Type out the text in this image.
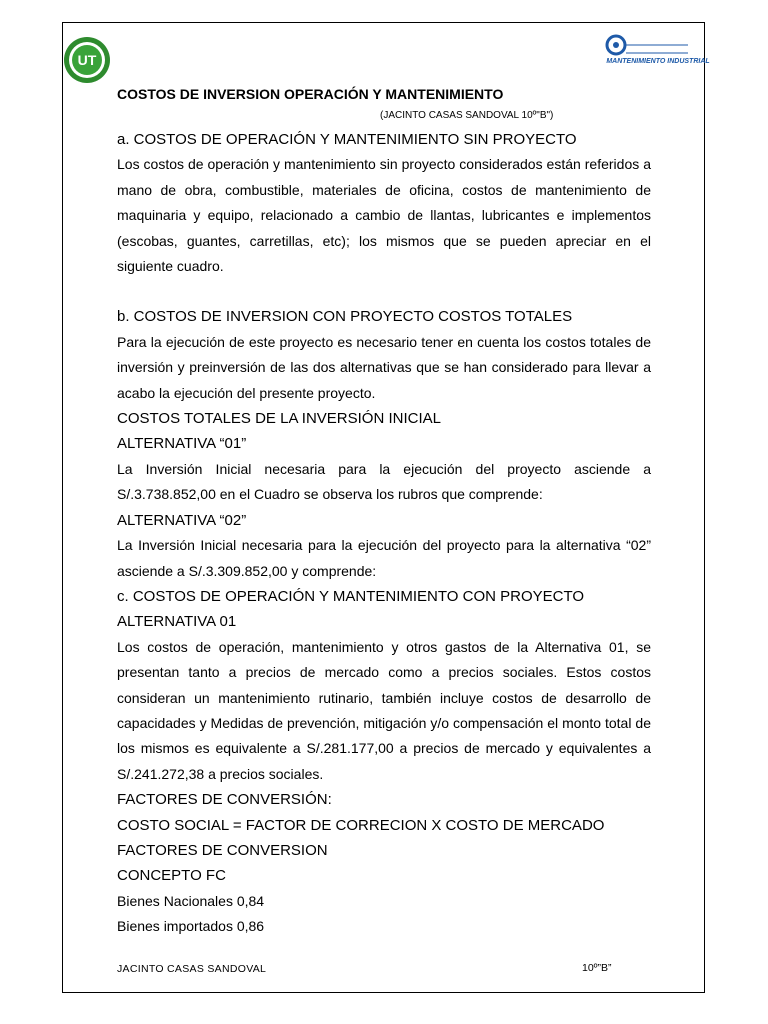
UT	MANTENIMIENTO INDUSTRIAL
COSTOS DE INVERSION OPERACIÓN Y MANTENIMIENTO
(JACINTO CASAS SANDOVAL 10º"B")

a. COSTOS DE OPERACIÓN Y MANTENIMIENTO SIN PROYECTO

Los costos de operación y mantenimiento sin proyecto considerados están referidos a mano de obra, combustible, materiales de oficina, costos de mantenimiento de maquinaria y equipo, relacionado a cambio de llantas, lubricantes e implementos (escobas, guantes, carretillas, etc); los mismos que se pueden apreciar en el siguiente cuadro.

b. COSTOS DE INVERSION CON PROYECTO COSTOS TOTALES

Para la ejecución de este proyecto es necesario tener en cuenta los costos totales de inversión y preinversión de las dos alternativas que se han considerado para llevar a acabo la ejecución del presente proyecto.

COSTOS TOTALES DE LA INVERSIÓN INICIAL

ALTERNATIVA “01”

La Inversión Inicial necesaria para la ejecución del proyecto asciende a S/.3.738.852,00 en el Cuadro se observa los rubros que comprende:

ALTERNATIVA “02”

La Inversión Inicial necesaria para la ejecución del proyecto para la alternativa “02” asciende a S/.3.309.852,00 y comprende:

c. COSTOS DE OPERACIÓN Y MANTENIMIENTO CON PROYECTO

ALTERNATIVA 01

Los costos de operación, mantenimiento y otros gastos de la Alternativa 01, se presentan tanto a precios de mercado como a precios sociales. Estos costos consideran un mantenimiento rutinario, también incluye costos de desarrollo de capacidades y Medidas de prevención, mitigación y/o compensación el monto total de los mismos es equivalente a S/.281.177,00 a precios de mercado y equivalentes a S/.241.272,38 a precios sociales.

FACTORES DE CONVERSIÓN:

COSTO SOCIAL = FACTOR DE CORRECION X COSTO DE MERCADO

FACTORES DE CONVERSION

CONCEPTO FC

Bienes Nacionales 0,84

Bienes importados 0,86

JACINTO CASAS SANDOVAL	10º”B”
